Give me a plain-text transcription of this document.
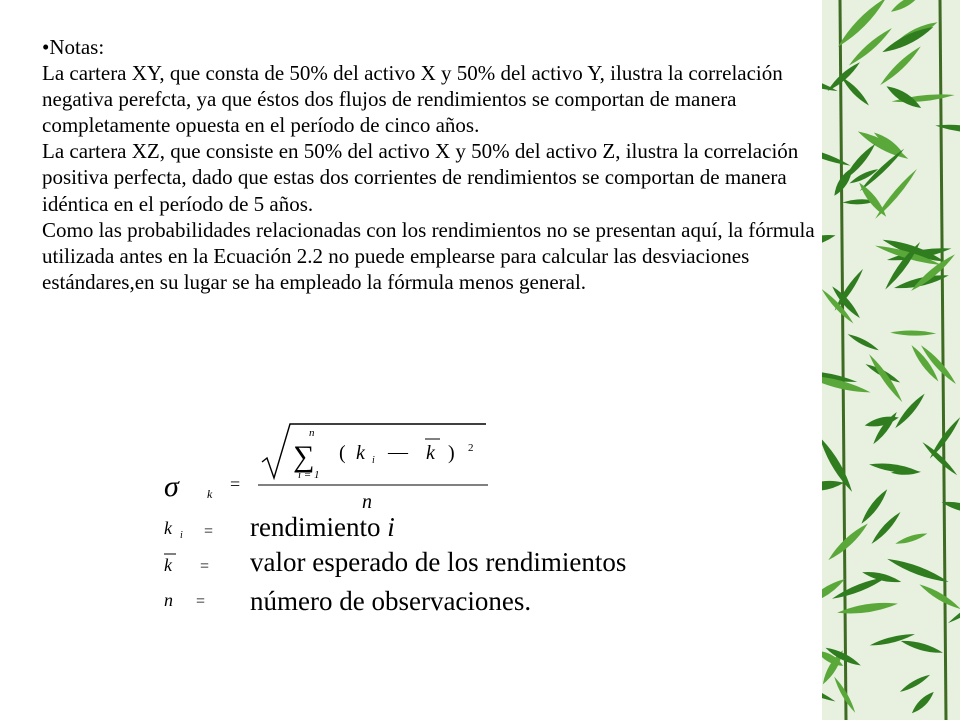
•Notas:

La cartera XY, que consta de 50% del activo X y 50% del activo Y, ilustra la correlación negativa perefcta, ya que éstos dos flujos de rendimientos se comportan de manera completamente opuesta en el período de cinco años.

La cartera XZ, que consiste en 50% del activo X y 50% del activo Z, ilustra la correlación positiva perfecta, dado que estas dos corrientes de rendimientos se comportan de manera idéntica en el período de 5 años.

Como las probabilidades relacionadas con los rendimientos no se presentan aquí, la fórmula utilizada antes en la Ecuación 2.2 no puede emplearse para calcular las desviaciones estándares,en su lugar se ha empleado la fórmula menos general.

σ k =
n
∑
i = 1
( k i — k ) 2
n
k i = rendimiento i
k = valor esperado de los rendimientos
n = número de observaciones.
